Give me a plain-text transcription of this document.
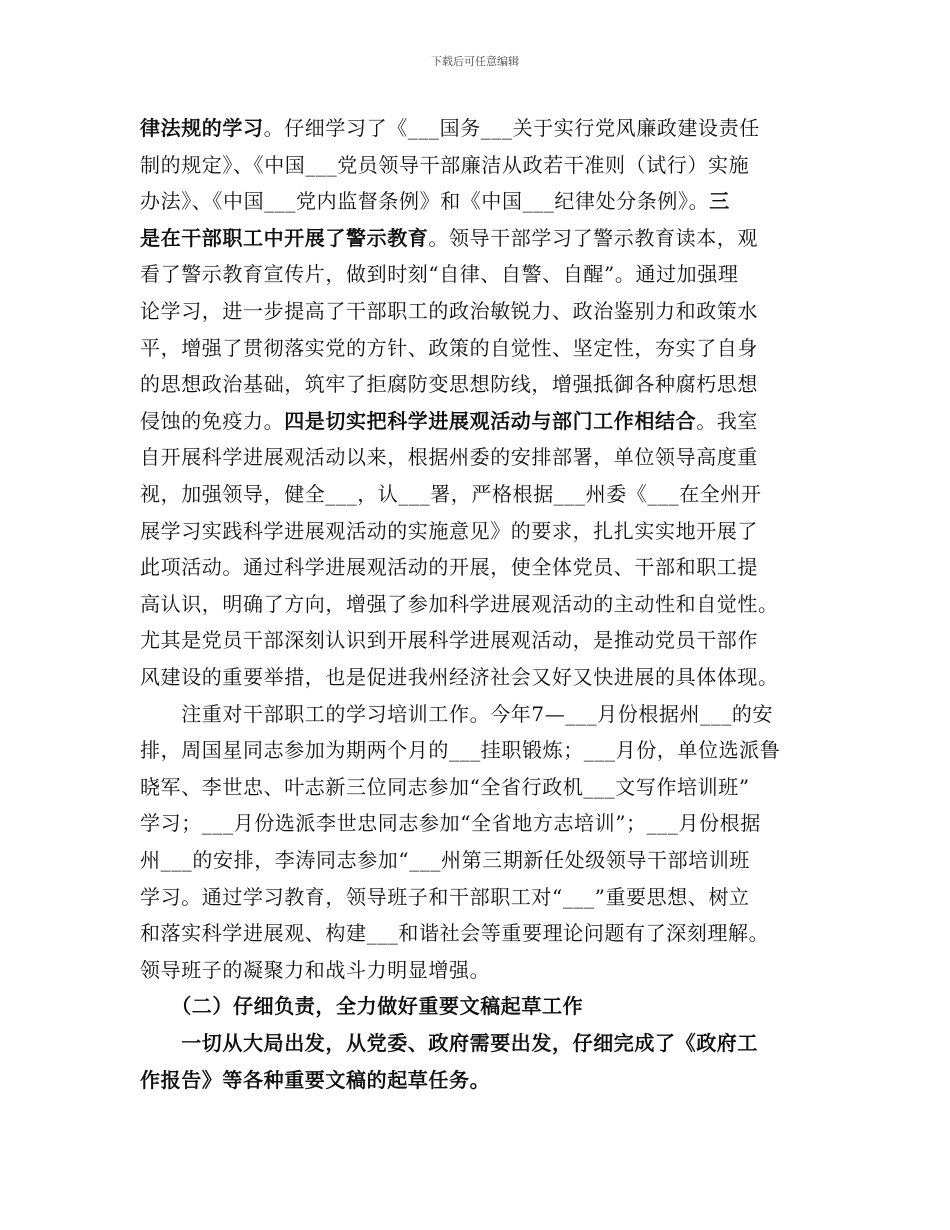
下载后可任意编辑
律法规的学习。仔细学习了《___国务___关于实行党风廉政建设责任
制的规定》、《中国___党员领导干部廉洁从政若干准则（试行）实施
办法》、《中国___党内监督条例》和《中国___纪律处分条例》。三
是在干部职工中开展了警示教育。领导干部学习了警示教育读本，观
看了警示教育宣传片，做到时刻“自律、自警、自醒”。通过加强理
论学习，进一步提高了干部职工的政治敏锐力、政治鉴别力和政策水
平，增强了贯彻落实党的方针、政策的自觉性、坚定性，夯实了自身
的思想政治基础，筑牢了拒腐防变思想防线，增强抵御各种腐朽思想
侵蚀的免疫力。四是切实把科学进展观活动与部门工作相结合。我室
自开展科学进展观活动以来，根据州委的安排部署，单位领导高度重
视，加强领导，健全___，认___署，严格根据___州委《___在全州开
展学习实践科学进展观活动的实施意见》的要求，扎扎实实地开展了
此项活动。通过科学进展观活动的开展，使全体党员、干部和职工提
高认识，明确了方向，增强了参加科学进展观活动的主动性和自觉性。
尤其是党员干部深刻认识到开展科学进展观活动，是推动党员干部作
风建设的重要举措，也是促进我州经济社会又好又快进展的具体体现。
　　注重对干部职工的学习培训工作。今年7—___月份根据州___的安
排，周国星同志参加为期两个月的___挂职锻炼；___月份，单位选派鲁
晓军、李世忠、叶志新三位同志参加“全省行政机___文写作培训班”
学习；___月份选派李世忠同志参加“全省地方志培训”；___月份根据
州___的安排，李涛同志参加“___州第三期新任处级领导干部培训班
学习。通过学习教育，领导班子和干部职工对“___”重要思想、树立
和落实科学进展观、构建___和谐社会等重要理论问题有了深刻理解。
领导班子的凝聚力和战斗力明显增强。
　　（二）仔细负责，全力做好重要文稿起草工作
　　一切从大局出发，从党委、政府需要出发，仔细完成了《政府工
作报告》等各种重要文稿的起草任务。
